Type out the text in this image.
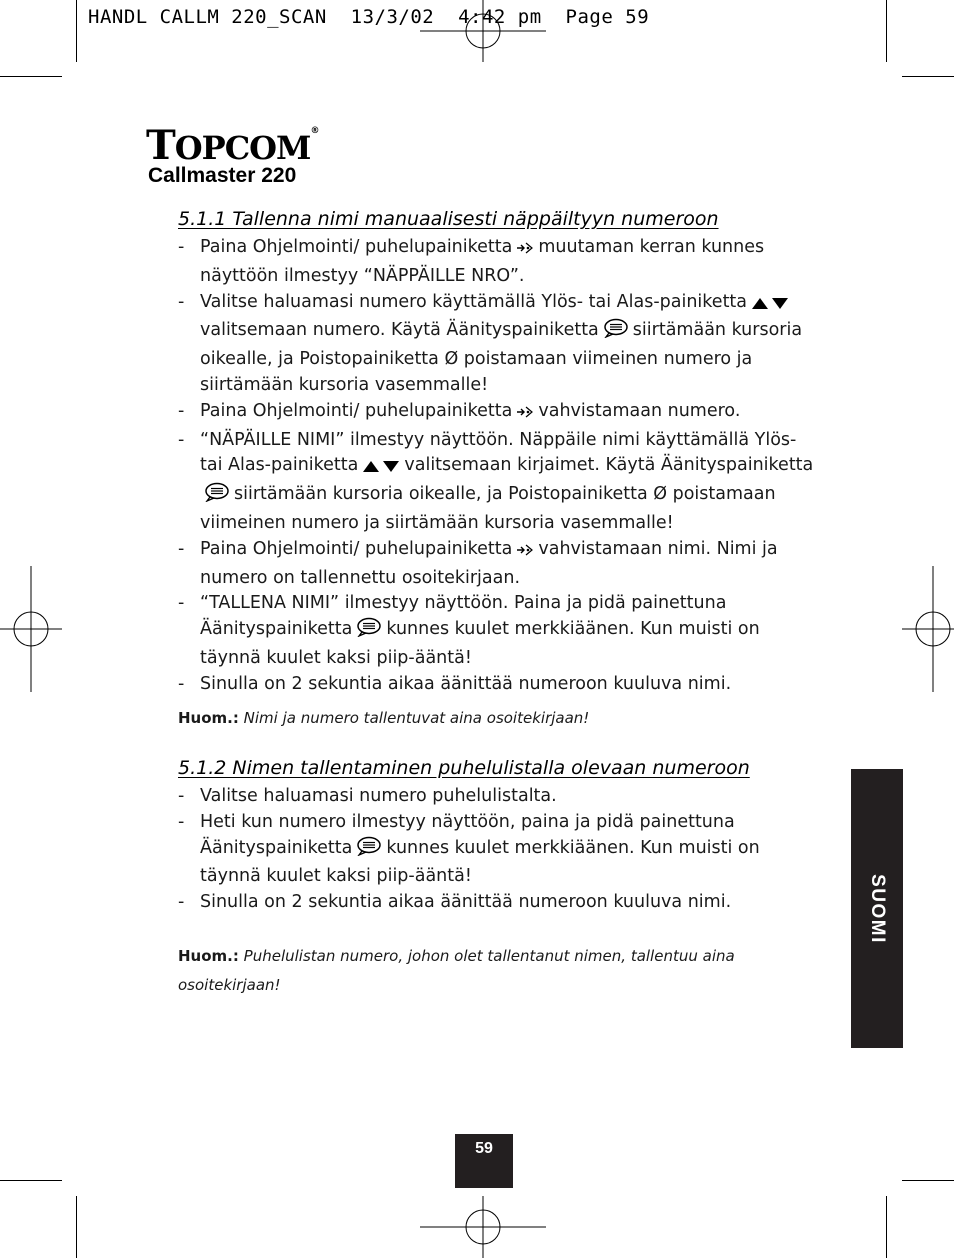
HANDL CALLM 220_SCAN  13/3/02  4:42 pm  Page 59
TOPCOM®
Callmaster 220
5.1.1 Tallenna nimi manuaalisesti näppäiltyyn numeroon
- Paina Ohjelmointi/ puhelupainiketta muutaman kerran kunnes näyttöön ilmestyy “NÄPPÄILLE NRO”.
- Valitse haluamasi numero käyttämällä Ylös- tai Alas-painikettavalitsemaan numero. Käytä Äänityspainiketta siirtämään kursoria oikealle, ja Poistopainiketta Ø poistamaan viimeinen numero ja siirtämään kursoria vasemmalle!
- Paina Ohjelmointi/ puhelupainiketta vahvistamaan numero.
- “NÄPÄILLE NIMI” ilmestyy näyttöön. Näppäile nimi käyttämällä Ylös-tai Alas-painiketta	valitsemaan kirjaimet. Käytä Äänityspainikettasiirtämään kursoria oikealle, ja Poistopainiketta Ø poistamaan viimeinen numero ja siirtämään kursoria vasemmalle!
- Paina Ohjelmointi/ puhelupainiketta vahvistamaan nimi. Nimi ja numero on tallennettu osoitekirjaan.
- “TALLENA NIMI” ilmestyy näyttöön. Paina ja pidä painettuna Äänityspainiketta kunnes kuulet merkkiäänen. Kun muisti on täynnä kuulet kaksi piip-ääntä!
- Sinulla on 2 sekuntia aikaa äänittää numeroon kuuluva nimi.
Huom.: Nimi ja numero tallentuvat aina osoitekirjaan!
5.1.2 Nimen tallentaminen puhelulistalla olevaan numeroon
- Valitse haluamasi numero puhelulistalta.
- Heti kun numero ilmestyy näyttöön, paina ja pidä painettuna Äänityspainiketta kunnes kuulet merkkiäänen. Kun muisti on täynnä kuulet kaksi piip-ääntä!
- Sinulla on 2 sekuntia aikaa äänittää numeroon kuuluva nimi.
Huom.: Puhelulistan numero, johon olet tallentanut nimen, tallentuu aina osoitekirjaan!
SUOMI
59
